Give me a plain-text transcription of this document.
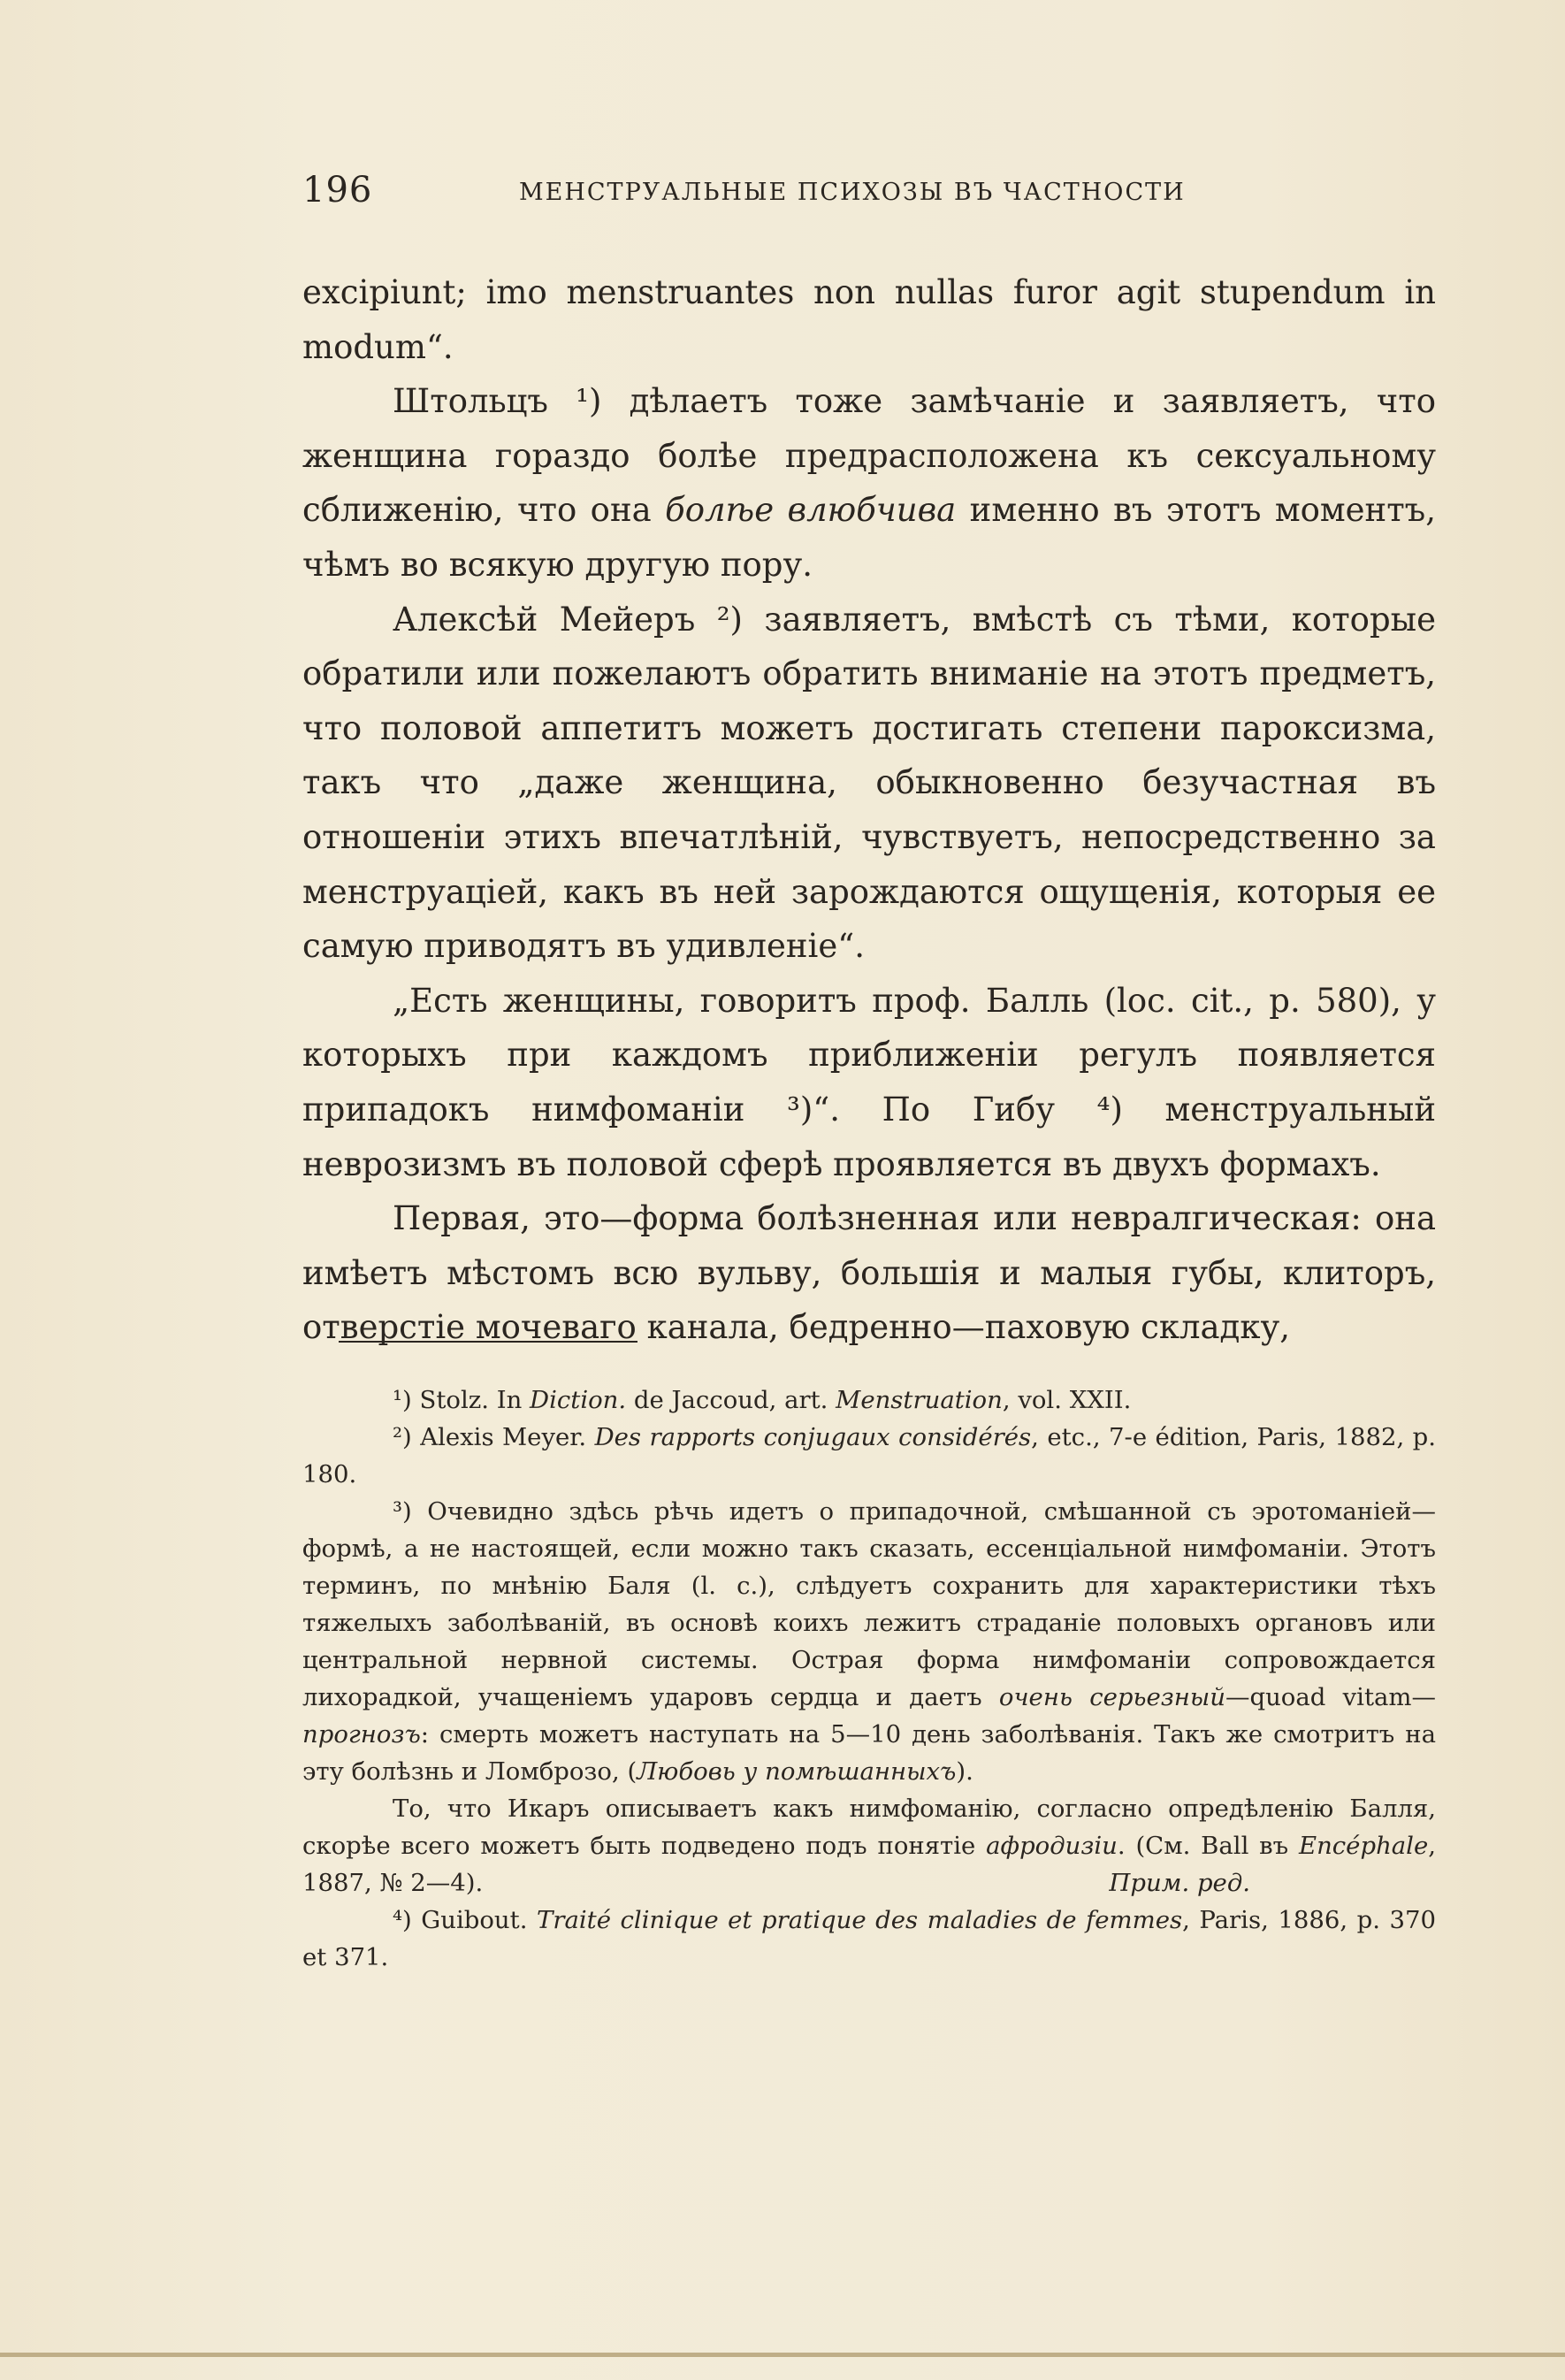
196	МЕНСТРУАЛЬНЫЕ ПСИХОЗЫ ВЪ ЧАСТНОСТИ

excipiunt; imo menstruantes non nullas furor agit stupendum in modum“.

Штольцъ ¹) дѣлаетъ тоже замѣчаніе и заявляетъ, что женщина гораздо болѣе предрасположена къ сексуальному сближенію, что она болѣе влюбчива именно въ этотъ моментъ, чѣмъ во всякую другую пору.

Алексѣй Мейеръ ²) заявляетъ, вмѣстѣ съ тѣми, которые обратили или пожелаютъ обратить вниманіе на этотъ предметъ, что половой аппетитъ можетъ достигать степени пароксизма, такъ что „даже женщина, обыкновенно безучастная въ отношеніи этихъ впечатлѣній, чувствуетъ, непосредственно за менструаціей, какъ въ ней зарождаются ощущенія, которыя ее самую приводятъ въ удивленіе“.

„Есть женщины, говоритъ проф. Балль (loc. cit., p. 580), у которыхъ при каждомъ приближеніи регулъ появляется припадокъ нимфоманіи ³)“. По Гибу ⁴) менструальный неврозизмъ въ половой сферѣ проявляется въ двухъ формахъ.

Первая, это—форма болѣзненная или невралгическая: она имѣетъ мѣстомъ всю вульву, большія и малыя губы, клиторъ, отверстіе мочеваго канала, бедренно—паховую складку,

¹) Stolz. In Diction. de Jaccoud, art. Menstruation, vol. XXII.

²) Alexis Meyer. Des rapports conjugaux considérés, etc., 7-e édition, Paris, 1882, p. 180.

³) Очевидно здѣсь рѣчь идетъ о припадочной, смѣшанной съ эротоманіей—формѣ, а не настоящей, если можно такъ сказать, ессенціальной нимфоманіи. Этотъ терминъ, по мнѣнію Баля (l. c.), слѣдуетъ сохранить для характеристики тѣхъ тяжелыхъ заболѣваній, въ основѣ коихъ лежитъ страданіе половыхъ органовъ или центральной нервной системы. Острая форма нимфоманіи сопровождается лихорадкой, учащеніемъ ударовъ сердца и даетъ очень серьезный—quoad vitam—прогнозъ: смерть можетъ наступать на 5—10 день заболѣванія. Такъ же смотритъ на эту болѣзнь и Ломброзо, (Любовь у помѣшанныхъ).

То, что Икаръ описываетъ какъ нимфоманію, согласно опредѣленію Балля, скорѣе всего можетъ быть подведено подъ понятіе афродизіи. (См. Ball въ Encéphale, 1887, № 2—4).	Прим. ред.

⁴) Guibout. Traité clinique et pratique des maladies de femmes, Paris, 1886, p. 370 et 371.
